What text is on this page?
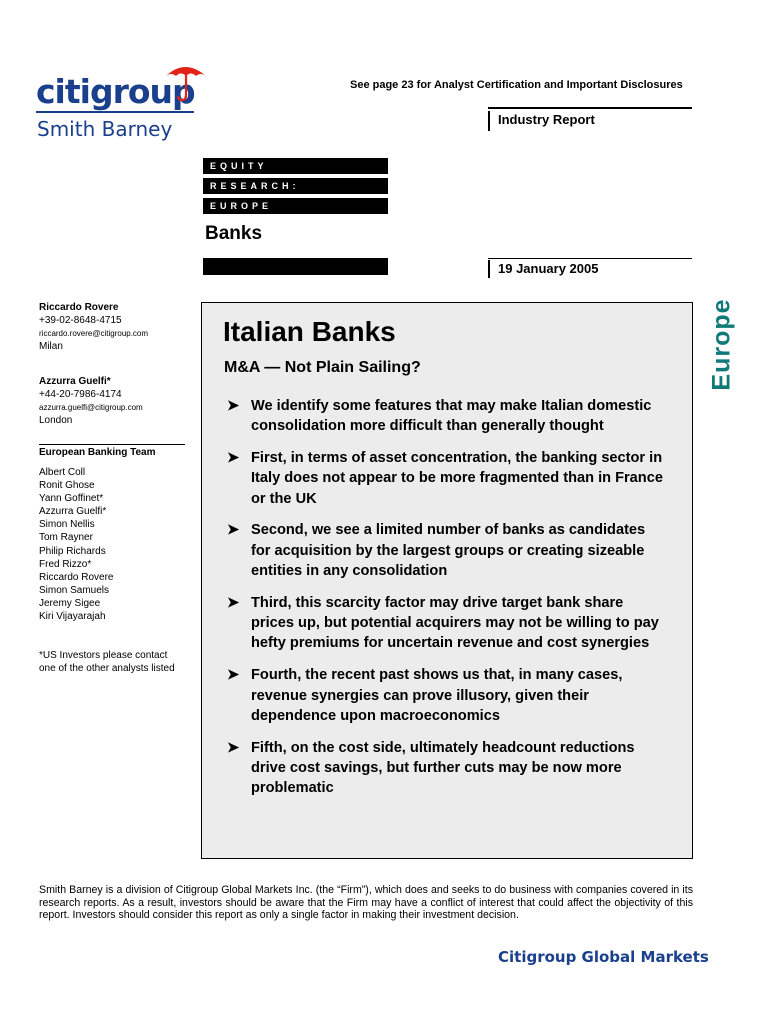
citigroup
Smith Barney
See page 23 for Analyst Certification and Important Disclosures
Industry Report
EQUITY
RESEARCH:
EUROPE
Banks
19 January 2005
Europe
Riccardo Rovere
+39-02-8648-4715
riccardo.rovere@citigroup.com
Milan
Azzurra Guelfi*
+44-20-7986-4174
azzurra.guelfi@citigroup.com
London
European Banking Team
Albert Coll
Ronit Ghose
Yann Goffinet*
Azzurra Guelfi*
Simon Nellis
Tom Rayner
Philip Richards
Fred Rizzo*
Riccardo Rovere
Simon Samuels
Jeremy Sigee
Kiri Vijayarajah
*US Investors please contact one of the other analysts listed
Italian Banks
M&A — Not Plain Sailing?
➤ We identify some features that may make Italian domestic consolidation more difficult than generally thought
➤ First, in terms of asset concentration, the banking sector in Italy does not appear to be more fragmented than in France or the UK
➤ Second, we see a limited number of banks as candidates for acquisition by the largest groups or creating sizeable entities in any consolidation
➤ Third, this scarcity factor may drive target bank share prices up, but potential acquirers may not be willing to pay hefty premiums for uncertain revenue and cost synergies
➤ Fourth, the recent past shows us that, in many cases, revenue synergies can prove illusory, given their dependence upon macroeconomics
➤ Fifth, on the cost side, ultimately headcount reductions drive cost savings, but further cuts may be now more problematic
Smith Barney is a division of Citigroup Global Markets Inc. (the “Firm”), which does and seeks to do business with companies covered in its research reports. As a result, investors should be aware that the Firm may have a conflict of interest that could affect the objectivity of this report. Investors should consider this report as only a single factor in making their investment decision.
Citigroup Global Markets
